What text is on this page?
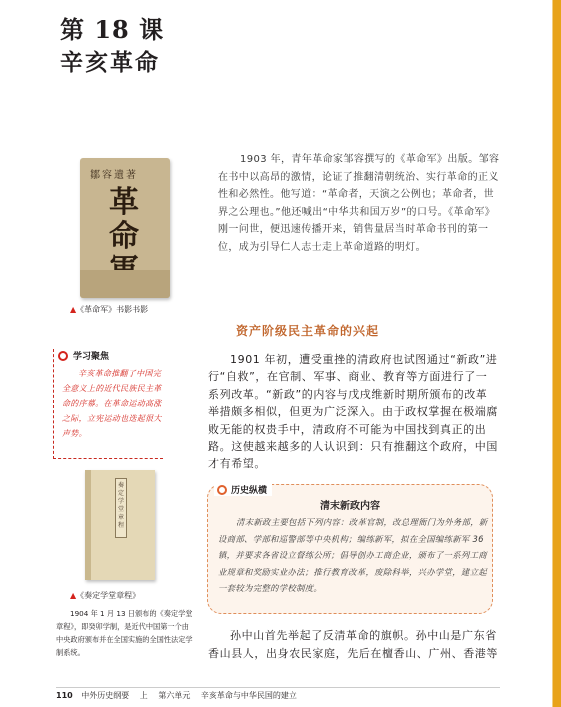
第 18 课
辛亥革命
鄒容遺著
革命
▲《革命军》书影书影

1903 年，青年革命家邹容撰写的《革命军》出版。邹容在书中以高昂的激情，论证了推翻清朝统治、实行革命的正义性和必然性。他写道：“革命者，天演之公例也；革命者，世界之公理也。”他还喊出“中华共和国万岁”的口号。《革命军》刚一问世，便迅速传播开来，销售量居当时革命书刊的第一位，成为引导仁人志士走上革命道路的明灯。

资产阶级民主革命的兴起
学习聚焦

辛亥革命推翻了中国完全意义上的近代民族民主革命的序幕。在革命运动高涨之际，立宪运动也迭起很大声势。

1901 年初，遭受重挫的清政府也试图通过“新政”进行“自救”，在官制、军事、商业、教育等方面进行了一系列改革。“新政”的内容与戊戌维新时期所颁布的改革举措颇多相似，但更为广泛深入。由于政权掌握在极端腐败无能的权贵手中，清政府不可能为中国找到真正的出路。这使越来越多的人认识到：只有推翻这个政府，中国才有希望。

奏定学堂章程
▲《奏定学堂章程》

1904 年 1 月 13 日颁布的《奏定学堂章程》，即癸卯学制，是近代中国第一个由中央政府颁布并在全国实施的全国性法定学制系统。

历史纵横
清末新政内容

清末新政主要包括下列内容：改革官制，改总理衙门为外务部，新设商部、学部和巡警部等中央机构；编练新军，拟在全国编练新军 36 镇，并要求各省设立督练公所；倡导创办工商企业，颁布了一系列工商业规章和奖励实业办法；推行教育改革，废除科举，兴办学堂，建立起一套较为完整的学校制度。

孙中山首先举起了反清革命的旗帜。孙中山是广东省香山县人，出身农民家庭，先后在檀香山、广州、香港等

110 中外历史纲要 上 第六单元 辛亥革命与中华民国的建立
